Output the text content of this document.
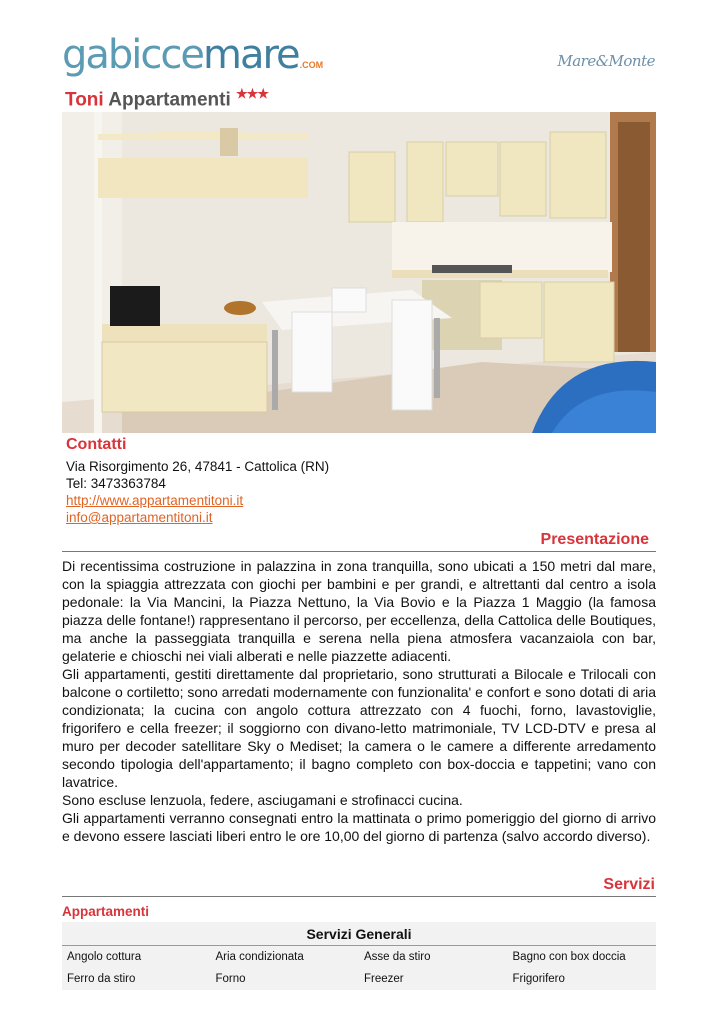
gabiccemare.COM	Mare&Monte
Toni Appartamenti ★★★
Contatti
Via Risorgimento 26, 47841 - Cattolica (RN)
Tel: 3473363784
http://www.appartamentitoni.it
info@appartamentitoni.it
Presentazione

Di recentissima costruzione in palazzina in zona tranquilla, sono ubicati a 150 metri dal mare, con la spiaggia attrezzata con giochi per bambini e per grandi, e altrettanti dal centro a isola pedonale: la Via Mancini, la Piazza Nettuno, la Via Bovio e la Piazza 1 Maggio (la famosa piazza delle fontane!) rappresentano il percorso, per eccellenza, della Cattolica delle Boutiques, ma anche la passeggiata tranquilla e serena nella piena atmosfera vacanzaiola con bar, gelaterie e chioschi nei viali alberati e nelle piazzette adiacenti.

Gli appartamenti, gestiti direttamente dal proprietario, sono strutturati a Bilocale e Trilocali con balcone o cortiletto; sono arredati modernamente con funzionalita' e confort e sono dotati di aria condizionata; la cucina con angolo cottura attrezzato con 4 fuochi, forno, lavastoviglie, frigorifero e cella freezer; il soggiorno con divano-letto matrimoniale, TV LCD-DTV e presa al muro per decoder satellitare Sky o Mediset; la camera o le camere a differente arredamento secondo tipologia dell'appartamento; il bagno completo con box-doccia e tappetini; vano con lavatrice.

Sono escluse lenzuola, federe, asciugamani e strofinacci cucina.

Gli appartamenti verranno consegnati entro la mattinata o primo pomeriggio del giorno di arrivo e devono essere lasciati liberi entro le ore 10,00 del giorno di partenza (salvo accordo diverso).

Servizi
Appartamenti
Servizi Generali
Angolo cottura	Aria condizionata	Asse da stiro	Bagno con box doccia
Ferro da stiro	Forno	Freezer	Frigorifero
